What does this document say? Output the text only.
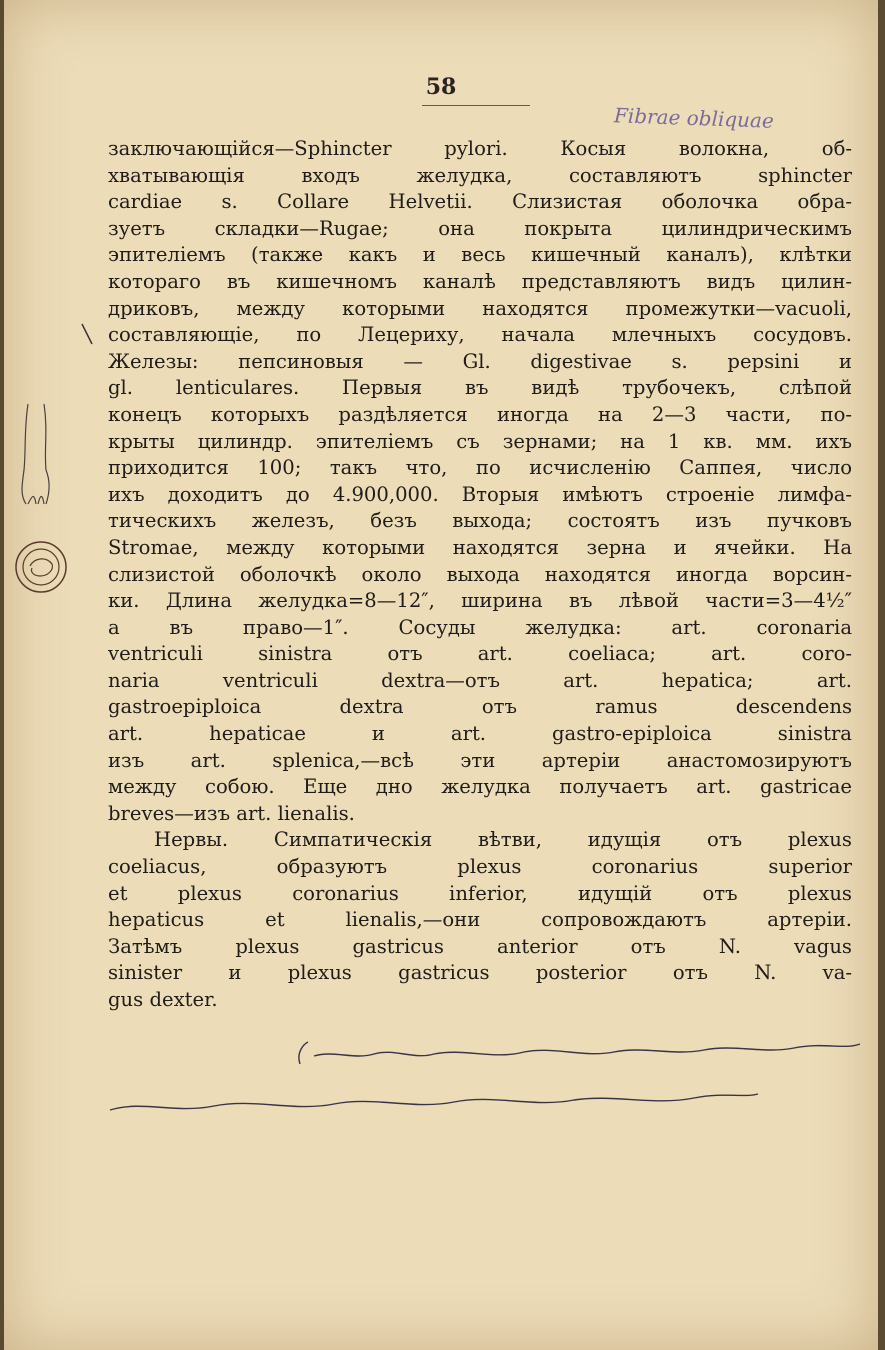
58
Fibrae obliquae
заключающійся—Sphincter pylori. Косыя волокна, об-
хватывающія входъ желудка, составляютъ sphincter
cardiae s. Collare Helvetii. Слизистая оболочка обра-
зуетъ складки—Rugae; она покрыта цилиндрическимъ
эпителіемъ (также какъ и весь кишечный каналъ), клѣтки
котораго въ кишечномъ каналѣ представляютъ видъ цилин-
дриковъ, между которыми находятся промежутки—vacuoli,
составляющіе, по Лецериху, начала млечныхъ сосудовъ.
Железы: пепсиновыя — Gl. digestivae s. pepsini и
gl. lenticulares. Первыя въ видѣ трубочекъ, слѣпой
конецъ которыхъ раздѣляется иногда на 2—3 части, по-
крыты цилиндр. эпителіемъ съ зернами; на 1 кв. мм. ихъ
приходится 100; такъ что, по исчисленію Саппея, число
ихъ доходитъ до 4.900,000. Вторыя имѣютъ строеніе лимфа-
тическихъ железъ, безъ выхода; состоятъ изъ пучковъ
Stromae, между которыми находятся зерна и ячейки. На
слизистой оболочкѣ около выхода находятся иногда ворсин-
ки. Длина желудка=8—12″, ширина въ лѣвой части=3—4½″
а въ право—1″. Сосуды желудка: art. coronaria
ventriculi sinistra отъ art. coeliaca; art. coro-
naria ventriculi dextra—отъ art. hepatica; art.
gastroepiploica dextra отъ ramus descendens
art. hepaticae и art. gastro-epiploica sinistra
изъ art. splenica,—всѣ эти артеріи анастомозируютъ
между собою. Еще дно желудка получаетъ art. gastricae
breves—изъ art. lienalis.
Нервы. Симпатическія вѣтви, идущія отъ plexus
coeliacus, образуютъ plexus coronarius superior
et plexus coronarius inferior, идущій отъ plexus
hepaticus et lienalis,—они сопровождаютъ артеріи.
Затѣмъ plexus gastricus anterior отъ N. vagus
sinister и plexus gastricus posterior отъ N. va-
gus dexter.
